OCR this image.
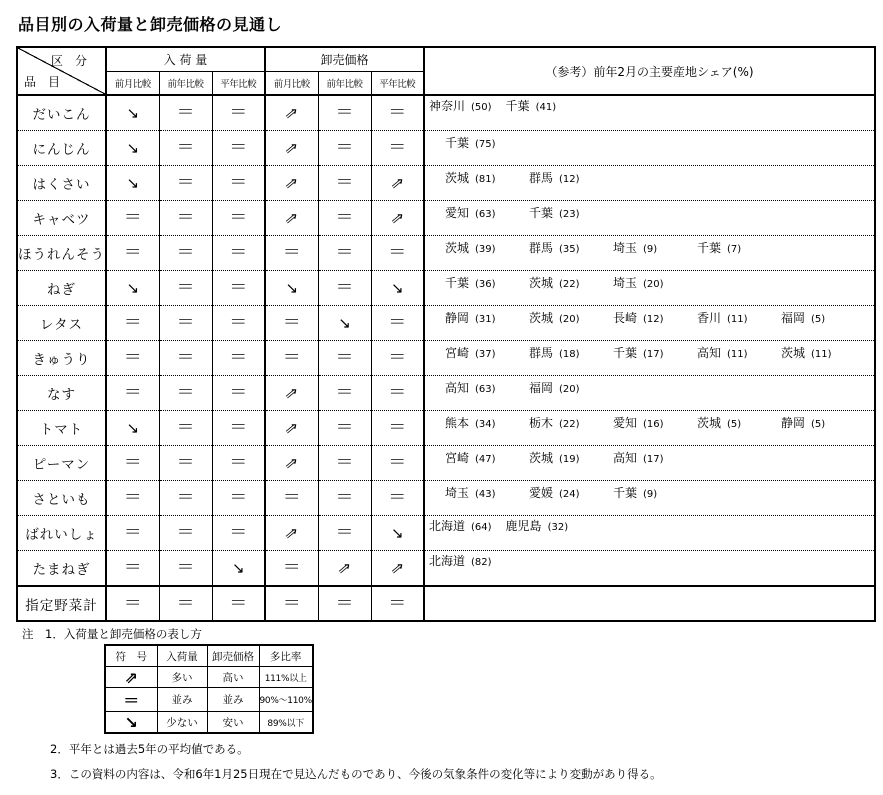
品目別の入荷量と卸売価格の見通し
区分
品目	入 荷 量			卸売価格			（参考）前年2月の主要産地シェア(%)
	前月比較	前年比較	平年比較	前月比較	前年比較	平年比較	
だいこん	↘	＝	＝	⇗	＝	＝	神奈川 (50) 千葉 (41)

にんじん	↘	＝	＝	⇗	＝	＝	千葉 (75)

はくさい	↘	＝	＝	⇗	＝	⇗	茨城 (81) 群馬 (12)

キャベツ	＝	＝	＝	⇗	＝	⇗	愛知 (63) 千葉 (23)

ほうれんそう	＝	＝	＝	＝	＝	＝	茨城 (39) 群馬 (35) 埼玉 (9) 千葉 (7)

ねぎ	↘	＝	＝	↘	＝	↘	千葉 (36) 茨城 (22) 埼玉 (20)

レタス	＝	＝	＝	＝	↘	＝	静岡 (31) 茨城 (20) 長崎 (12) 香川 (11) 福岡 (5)

きゅうり	＝	＝	＝	＝	＝	＝	宮崎 (37) 群馬 (18) 千葉 (17) 高知 (11) 茨城 (11)

なす	＝	＝	＝	⇗	＝	＝	高知 (63) 福岡 (20)

トマト	↘	＝	＝	⇗	＝	＝	熊本 (34) 栃木 (22) 愛知 (16) 茨城 (5) 静岡 (5)

ピーマン	＝	＝	＝	⇗	＝	＝	宮崎 (47) 茨城 (19) 高知 (17)

さといも	＝	＝	＝	＝	＝	＝	埼玉 (43) 愛媛 (24) 千葉 (9)

ばれいしょ	＝	＝	＝	⇗	＝	↘	北海道 (64) 鹿児島 (32)

たまねぎ	＝	＝	↘	＝	⇗	⇗	北海道 (82)

指定野菜計	＝	＝	＝	＝	＝	＝	
注　1．入荷量と卸売価格の表し方
符　号	入荷量	卸売価格	多比率
⇗	多い	高い	111%以上
＝	並み	並み	90%～110%
↘	少ない	安い	89%以下
2．平年とは過去5年の平均値である。
3．この資料の内容は、令和6年1月25日現在で見込んだものであり、今後の気象条件の変化等により変動があり得る。
